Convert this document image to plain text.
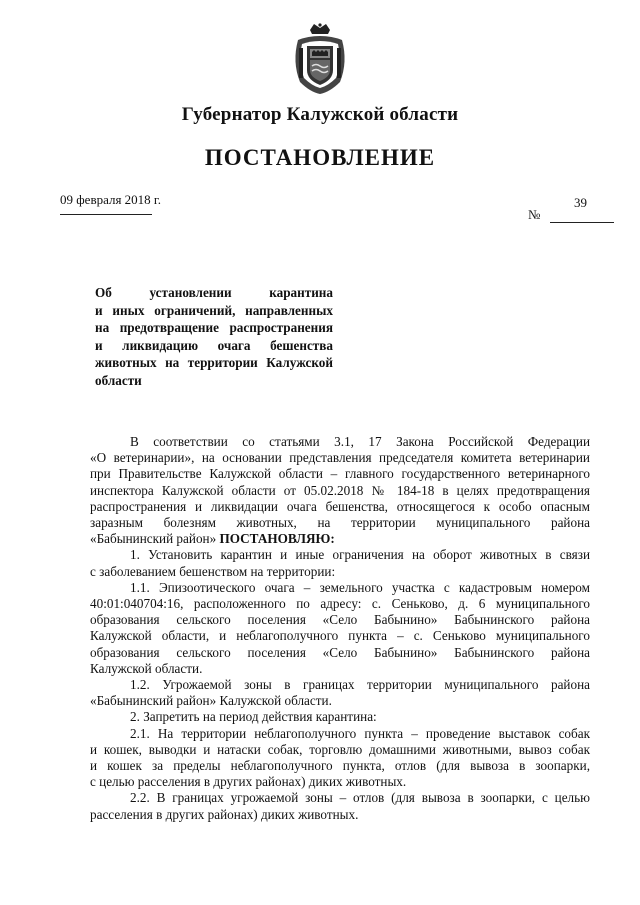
Губернатор Калужской области
ПОСТАНОВЛЕНИЕ
09 февраля 2018 г.	39
№
Об установлении карантина
и иных ограничений, направленных
на предотвращение распространения
и ликвидацию очага бешенства
животных на территории Калужской
области

В соответствии со статьями 3.1, 17 Закона Российской Федерации

«О ветеринарии», на основании представления председателя комитета ветеринарии

при Правительстве Калужской области – главного государственного ветеринарного

инспектора Калужской области от 05.02.2018 № 184-18 в целях предотвращения

распространения и ликвидации очага бешенства, относящегося к особо опасным

заразным болезням животных, на территории муниципального района

«Бабынинский район» ПОСТАНОВЛЯЮ:

1. Установить карантин и иные ограничения на оборот животных в связи

с заболеванием бешенством на территории:

1.1. Эпизоотического очага – земельного участка с кадастровым номером

40:01:040704:16, расположенного по адресу: с. Сеньково, д. 6 муниципального

образования сельского поселения «Село Бабынино» Бабынинского района

Калужской области, и неблагополучного пункта – с. Сеньково муниципального

образования сельского поселения «Село Бабынино» Бабынинского района

Калужской области.

1.2. Угрожаемой зоны в границах территории муниципального района

«Бабынинский район» Калужской области.

2. Запретить на период действия карантина:

2.1. На территории неблагополучного пункта – проведение выставок собак

и кошек, выводки и натаски собак, торговлю домашними животными, вывоз собак

и кошек за пределы неблагополучного пункта, отлов (для вывоза в зоопарки,

с целью расселения в других районах) диких животных.

2.2. В границах угрожаемой зоны – отлов (для вывоза в зоопарки, с целью

расселения в других районах) диких животных.
